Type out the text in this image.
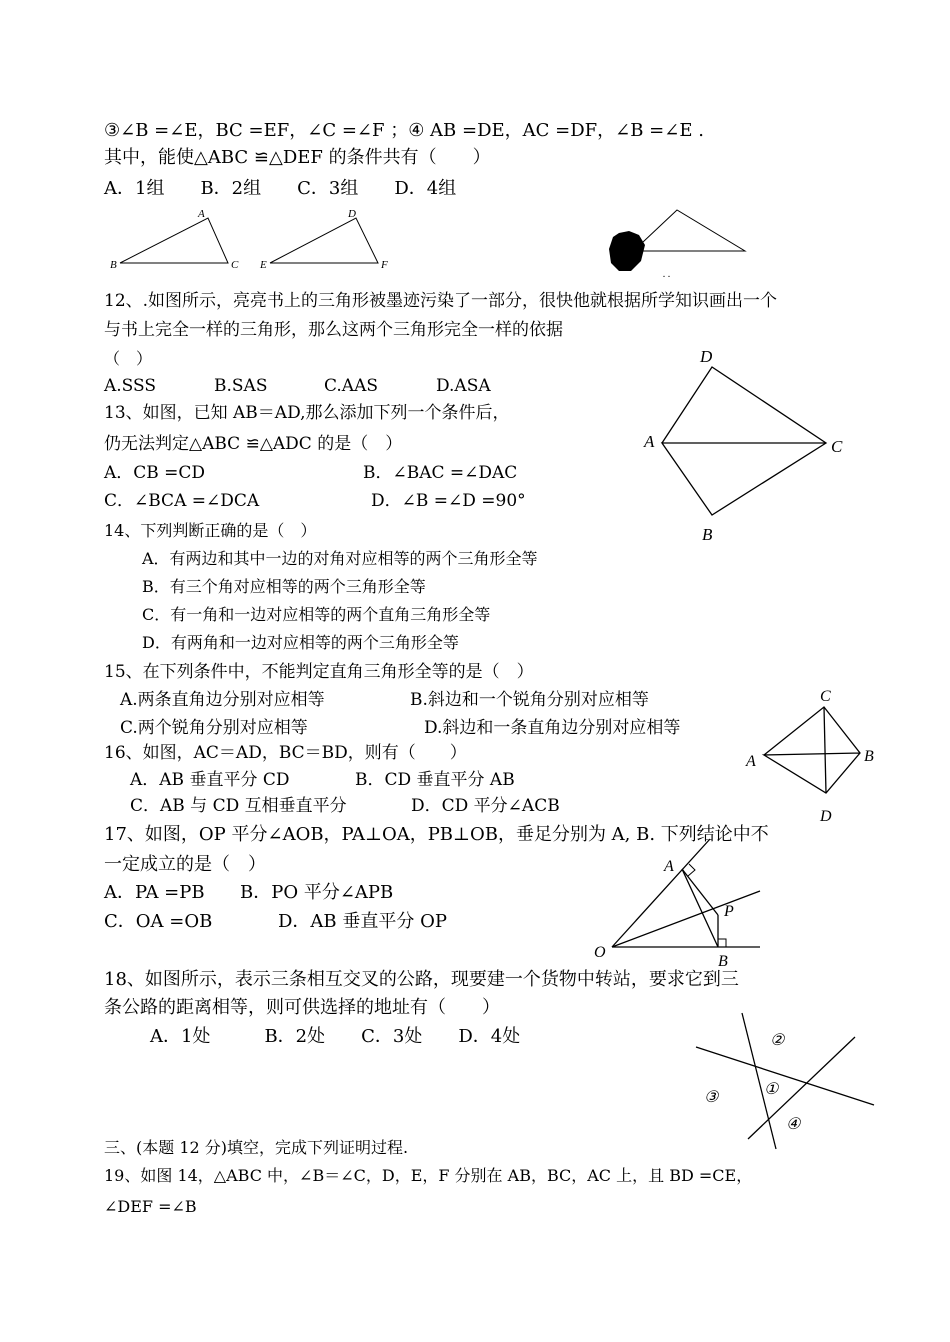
③∠B =∠E，BC =EF，∠C =∠F ；④ AB =DE，AC =DF，∠B =∠E .
其中，能使△ABC ≌△DEF 的条件共有（　　）
A．1组　　B．2组　　C．3组　　D．4组
A
B	C
D
E	F
. .
12、.如图所示，亮亮书上的三角形被墨迹污染了一部分，很快他就根据所学知识画出一个
与书上完全一样的三角形，那么这两个三角形完全一样的依据
（　）
A.SSS	B.SAS	C.AAS	D.ASA
13、如图，已知 AB＝AD,那么添加下列一个条件后，
仍无法判定△ABC ≌△ADC 的是（　）
A．CB =CD	B．∠BAC =∠DAC
C．∠BCA =∠DCA	D．∠B =∠D =90°
D
A	C
B
14、下列判断正确的是（　）
A．有两边和其中一边的对角对应相等的两个三角形全等
B．有三个角对应相等的两个三角形全等
C．有一角和一边对应相等的两个直角三角形全等
D．有两角和一边对应相等的两个三角形全等
15、在下列条件中，不能判定直角三角形全等的是（　）
A.两条直角边分别对应相等	B.斜边和一个锐角分别对应相等
C.两个锐角分别对应相等	D.斜边和一条直角边分别对应相等
C
A	B
D
16、如图，AC＝AD，BC＝BD，则有（　　）
A．AB 垂直平分 CD	B．CD 垂直平分 AB
C．AB 与 CD 互相垂直平分	D．CD 平分∠ACB
17、如图，OP 平分∠AOB，PA⊥OA，PB⊥OB，垂足分别为 A, B. 下列结论中不
一定成立的是（　）
A．PA =PB B．PO 平分∠APB
C．OA =OB	D．AB 垂直平分 OP
A
P
O
B
18、如图所示，表示三条相互交叉的公路，现要建一个货物中转站，要求它到三
条公路的距离相等，则可供选择的地址有（　　）
A．1处　　　B．2处　　C．3处　　D．4处	②
①
③
④
三、(本题 12 分)填空，完成下列证明过程.
19、如图 14，△ABC 中，∠B＝∠C，D，E，F 分别在 AB，BC，AC 上，且 BD =CE，
∠DEF =∠B
